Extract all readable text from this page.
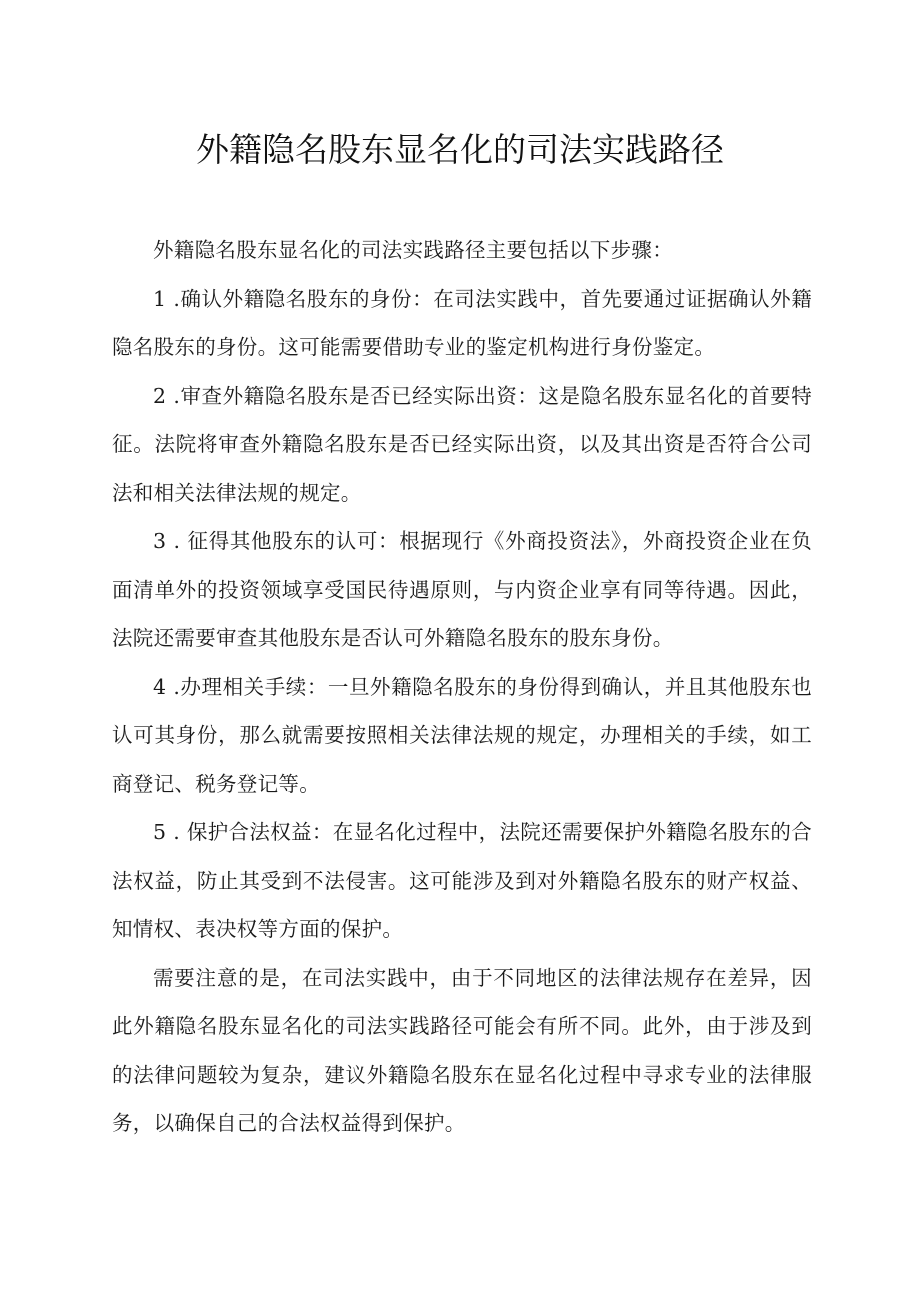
外籍隐名股东显名化的司法实践路径

外籍隐名股东显名化的司法实践路径主要包括以下步骤：

1 .确认外籍隐名股东的身份：在司法实践中，首先要通过证据确认外籍隐名股东的身份。这可能需要借助专业的鉴定机构进行身份鉴定。

2 .审查外籍隐名股东是否已经实际出资：这是隐名股东显名化的首要特征。法院将审查外籍隐名股东是否已经实际出资，以及其出资是否符合公司法和相关法律法规的规定。

3 . 征得其他股东的认可：根据现行《外商投资法》，外商投资企业在负面清单外的投资领域享受国民待遇原则，与内资企业享有同等待遇。因此，法院还需要审查其他股东是否认可外籍隐名股东的股东身份。

4 .办理相关手续：一旦外籍隐名股东的身份得到确认，并且其他股东也认可其身份，那么就需要按照相关法律法规的规定，办理相关的手续，如工商登记、税务登记等。

5 . 保护合法权益：在显名化过程中，法院还需要保护外籍隐名股东的合法权益，防止其受到不法侵害。这可能涉及到对外籍隐名股东的财产权益、知情权、表决权等方面的保护。

需要注意的是，在司法实践中，由于不同地区的法律法规存在差异，因此外籍隐名股东显名化的司法实践路径可能会有所不同。此外，由于涉及到的法律问题较为复杂，建议外籍隐名股东在显名化过程中寻求专业的法律服务，以确保自己的合法权益得到保护。
